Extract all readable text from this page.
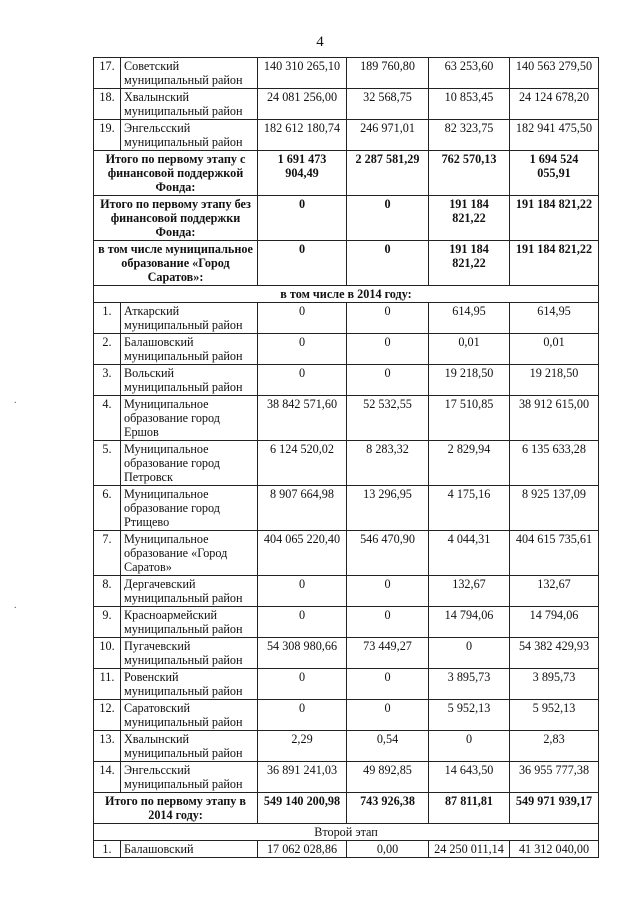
4
17.	Советский муниципальный район	140 310 265,10	189 760,80	63 253,60	140 563 279,50
18.	Хвалынский муниципальный район	24 081 256,00	32 568,75	10 853,45	24 124 678,20
19.	Энгельсский муниципальный район	182 612 180,74	246 971,01	82 323,75	182 941 475,50
Итого по первому этапу с финансовой поддержкой Фонда:		1 691 473 904,49	2 287 581,29	762 570,13	1 694 524 055,91
Итого по первому этапу без финансовой поддержки Фонда:		0	0	191 184 821,22	191 184 821,22
в том числе муниципальное образование «Город Саратов»:		0	0	191 184 821,22	191 184 821,22
в том числе в 2014 году:					
1.	Аткарский муниципальный район	0	0	614,95	614,95
2.	Балашовский муниципальный район	0	0	0,01	0,01
3.	Вольский муниципальный район	0	0	19 218,50	19 218,50
4.	Муниципальное образование город Ершов	38 842 571,60	52 532,55	17 510,85	38 912 615,00
5.	Муниципальное образование город Петровск	6 124 520,02	8 283,32	2 829,94	6 135 633,28
6.	Муниципальное образование город Ртищево	8 907 664,98	13 296,95	4 175,16	8 925 137,09
7.	Муниципальное образование «Город Саратов»	404 065 220,40	546 470,90	4 044,31	404 615 735,61
8.	Дергачевский муниципальный район	0	0	132,67	132,67
9.	Красноармейский муниципальный район	0	0	14 794,06	14 794,06
10.	Пугачевский муниципальный район	54 308 980,66	73 449,27	0	54 382 429,93
11.	Ровенский муниципальный район	0	0	3 895,73	3 895,73
12.	Саратовский муниципальный район	0	0	5 952,13	5 952,13
13.	Хвалынский муниципальный район	2,29	0,54	0	2,83
14.	Энгельсский муниципальный район	36 891 241,03	49 892,85	14 643,50	36 955 777,38
Итого по первому этапу в 2014 году:		549 140 200,98	743 926,38	87 811,81	549 971 939,17
Второй этап					
1.	Балашовский	17 062 028,86	0,00	24 250 011,14	41 312 040,00
.
.
